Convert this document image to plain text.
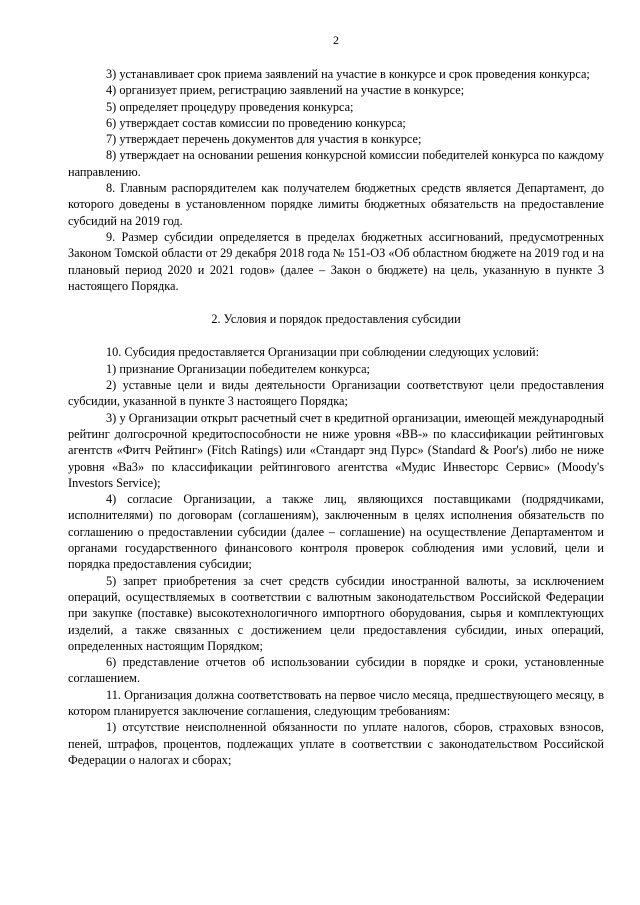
2

3) устанавливает срок приема заявлений на участие в конкурсе и срок проведения конкурса;

4) организует прием, регистрацию заявлений на участие в конкурсе;

5) определяет процедуру проведения конкурса;

6) утверждает состав комиссии по проведению конкурса;

7) утверждает перечень документов для участия в конкурсе;

8) утверждает на основании решения конкурсной комиссии победителей конкурса по каждому направлению.

8. Главным распорядителем как получателем бюджетных средств является Департамент, до которого доведены в установленном порядке лимиты бюджетных обязательств на предоставление субсидий на 2019 год.

9. Размер субсидии определяется в пределах бюджетных ассигнований, предусмотренных Законом Томской области от 29 декабря 2018 года № 151-ОЗ «Об областном бюджете на 2019 год и на плановый период 2020 и 2021 годов» (далее – Закон о бюджете) на цель, указанную в пункте 3 настоящего Порядка.

2. Условия и порядок предоставления субсидии

10. Субсидия предоставляется Организации при соблюдении следующих условий:

1) признание Организации победителем конкурса;

2) уставные цели и виды деятельности Организации соответствуют цели предоставления субсидии, указанной в пункте 3 настоящего Порядка;

3) у Организации открыт расчетный счет в кредитной организации, имеющей международный рейтинг долгосрочной кредитоспособности не ниже уровня «ВВ-» по классификации рейтинговых агентств «Фитч Рейтинг» (Fitch Ratings) или «Стандарт энд Пурс» (Standard & Poor's) либо не ниже уровня «Ва3» по классификации рейтингового агентства «Мудис Инвесторс Сервис» (Moody's Investors Service);

4) согласие Организации, а также лиц, являющихся поставщиками (подрядчиками, исполнителями) по договорам (соглашениям), заключенным в целях исполнения обязательств по соглашению о предоставлении субсидии (далее – соглашение) на осуществление Департаментом и органами государственного финансового контроля проверок соблюдения ими условий, цели и порядка предоставления субсидии;

5) запрет приобретения за счет средств субсидии иностранной валюты, за исключением операций, осуществляемых в соответствии с валютным законодательством Российской Федерации при закупке (поставке) высокотехнологичного импортного оборудования, сырья и комплектующих изделий, а также связанных с достижением цели предоставления субсидии, иных операций, определенных настоящим Порядком;

6) представление отчетов об использовании субсидии в порядке и сроки, установленные соглашением.

11. Организация должна соответствовать на первое число месяца, предшествующего месяцу, в котором планируется заключение соглашения, следующим требованиям:

1) отсутствие неисполненной обязанности по уплате налогов, сборов, страховых взносов, пеней, штрафов, процентов, подлежащих уплате в соответствии с законодательством Российской Федерации о налогах и сборах;
